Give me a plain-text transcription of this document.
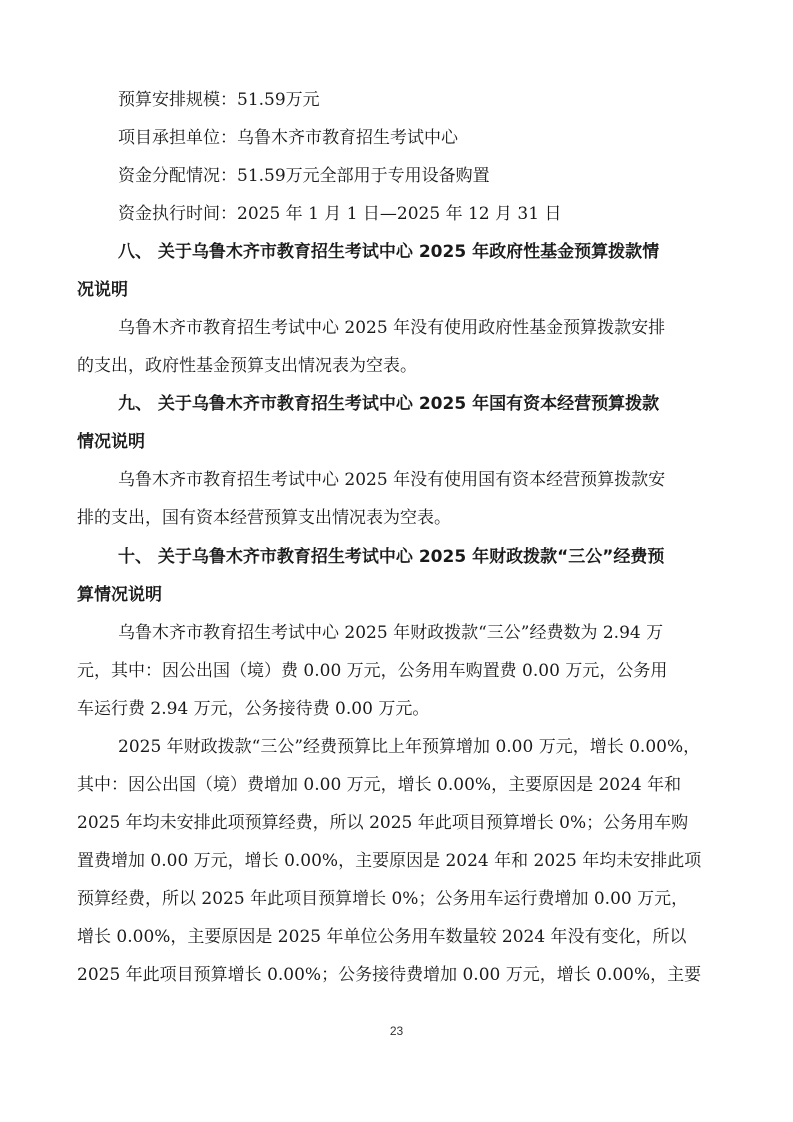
预算安排规模：51.59万元
项目承担单位：乌鲁木齐市教育招生考试中心
资金分配情况：51.59万元全部用于专用设备购置
资金执行时间：2025 年 1 月 1 日—2025 年 12 月 31 日
八、 关于乌鲁木齐市教育招生考试中心 2025 年政府性基金预算拨款情
况说明
乌鲁木齐市教育招生考试中心 2025 年没有使用政府性基金预算拨款安排
的支出，政府性基金预算支出情况表为空表。
九、 关于乌鲁木齐市教育招生考试中心 2025 年国有资本经营预算拨款
情况说明
乌鲁木齐市教育招生考试中心 2025 年没有使用国有资本经营预算拨款安
排的支出，国有资本经营预算支出情况表为空表。
十、 关于乌鲁木齐市教育招生考试中心 2025 年财政拨款“三公”经费预
算情况说明
乌鲁木齐市教育招生考试中心 2025 年财政拨款“三公”经费数为 2.94 万
元，其中：因公出国（境）费 0.00 万元，公务用车购置费 0.00 万元，公务用
车运行费 2.94 万元，公务接待费 0.00 万元。
2025 年财政拨款“三公”经费预算比上年预算增加 0.00 万元，增长 0.00%，
其中：因公出国（境）费增加 0.00 万元，增长 0.00%，主要原因是 2024 年和
2025 年均未安排此项预算经费，所以 2025 年此项目预算增长 0%；公务用车购
置费增加 0.00 万元，增长 0.00%，主要原因是 2024 年和 2025 年均未安排此项
预算经费，所以 2025 年此项目预算增长 0%；公务用车运行费增加 0.00 万元，
增长 0.00%，主要原因是 2025 年单位公务用车数量较 2024 年没有变化，所以
2025 年此项目预算增长 0.00%；公务接待费增加 0.00 万元，增长 0.00%，主要
23
